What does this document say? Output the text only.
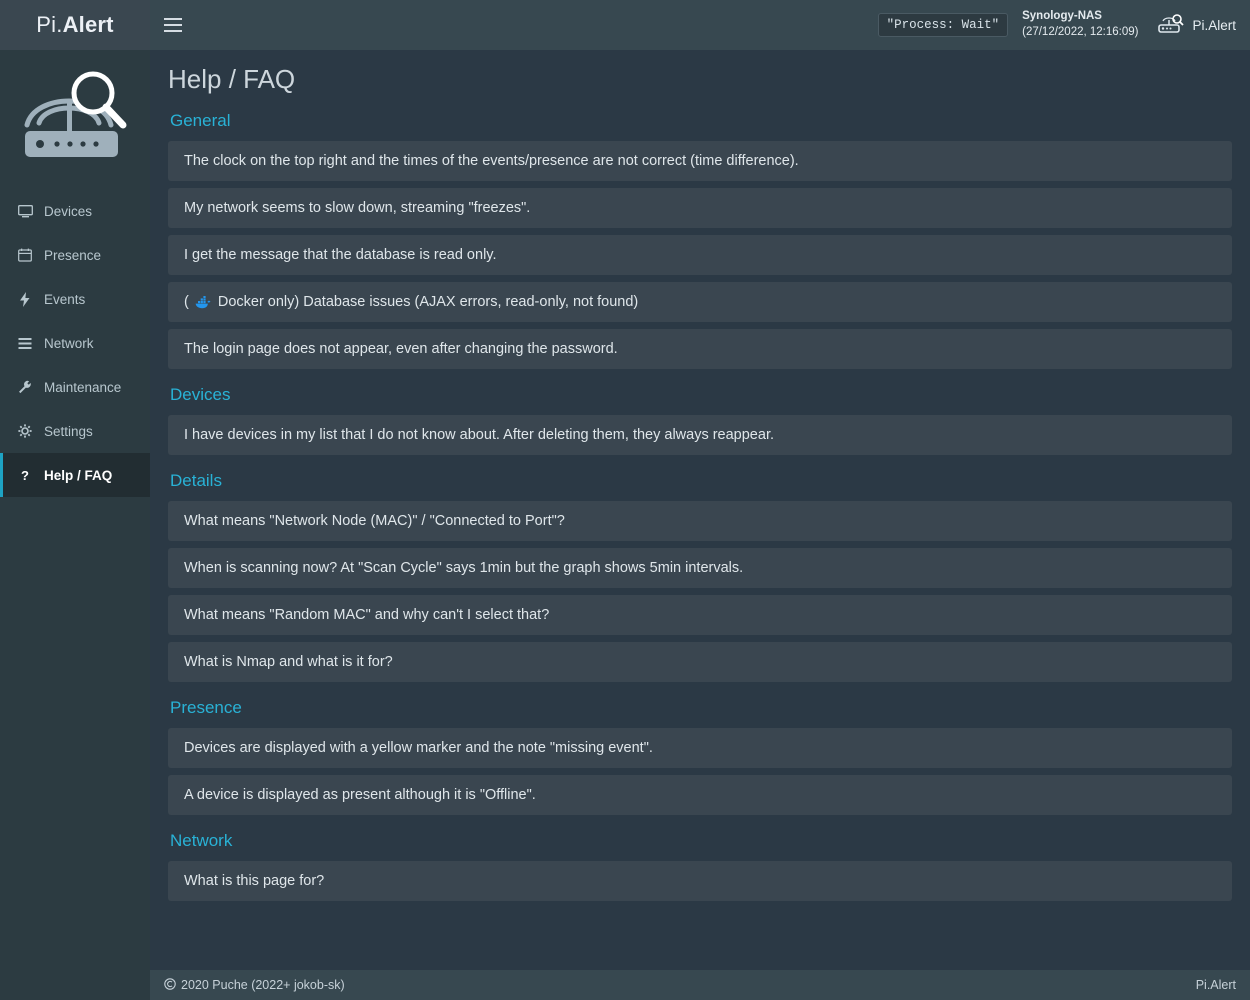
Pi. Alert	"Process: Wait"
Synology-NAS
(27/12/2022, 12:16:09)	Pi.Alert
Devices
Presence
Events
Network
Maintenance
Settings
? Help / FAQ
Help / FAQ
General
The clock on the top right and the times of the events/presence are not correct (time difference).
My network seems to slow down, streaming "freezes".
I get the message that the database is read only.
( Docker only) Database issues (AJAX errors, read-only, not found)
The login page does not appear, even after changing the password.
Devices
I have devices in my list that I do not know about. After deleting them, they always reappear.
Details
What means "Network Node (MAC)" / "Connected to Port"?
When is scanning now? At "Scan Cycle" says 1min but the graph shows 5min intervals.
What means "Random MAC" and why can't I select that?
What is Nmap and what is it for?
Presence
Devices are displayed with a yellow marker and the note "missing event".
A device is displayed as present although it is "Offline".
Network
What is this page for?
2020 Puche (2022+ jokob-sk)	Pi.Alert
